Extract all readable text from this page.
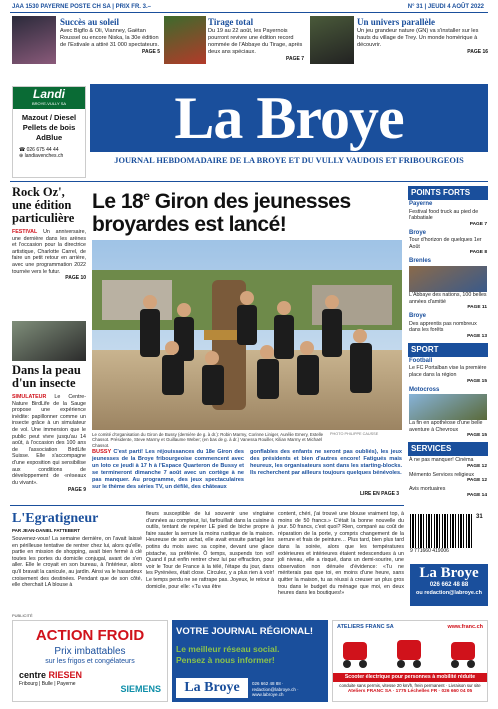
JAA 1530 PAYERNE POSTE CH SA | PRIX FR. 3.–	N° 31 | JEUDI 4 AOÛT 2022
Succès au soleil
Avec Bigflo & Oli, Vianney, Gaëtan Roussel ou encore Niska, la 30e édition de l'Estivale a attiré 31 000 spectateurs.
PAGE 5
Tirage total
Du 19 au 22 août, les Payernois pourront revivre une édition record nommée de l'Abbaye du Tirage, après deux ans spéciaux.
PAGE 7
Un univers parallèle
Un jeu grandeur nature (GN) va s'installer sur les hauts du village de Trey. Un monde homérique à découvrir.
PAGE 16
Landi
BROYE-VULLY SA
Mazout / Diesel
Pellets de bois
AdBlue
☎ 026 675 44 44
⊕ landiavenches.ch
La Broye
JOURNAL HEBDOMADAIRE DE LA BROYE ET DU VULLY VAUDOIS ET FRIBOURGEOIS
Rock Oz', une édition particulière
FESTIVAL Un anniversaire, une dernière dans les arènes et l'occasion pour la directrice artistique, Charlotte Carrel, de faire un petit retour en arrière, avec une programmation 2022 tournée vers le futur.
PAGE 10
Dans la peau d'un insecte
SIMULATEUR Le Centre-Nature BirdLife de la Sauge propose une expérience inédite: papillonner comme un insecte grâce à un simulateur de vol. Une immersion que le public peut vivre jusqu'au 14 août, à l'occasion des 100 ans de l'association BirdLife Suisse. Elle s'accompagne d'une exposition qui sensibilise aux conditions de développement de «réseaux du vivant».
PAGE 9
Le 18e Giron des jeunesses broyardes est lancé!
PHOTO PHILIPPE CAUSSE
Le comité d'organisation du Giron de Bussy (dernière de g. à dr.): Robin Marmy, Corinne Liniger, Aurélie Emery, Estelle Chassot. Présidente, Steve Marmy et Guillaume Weber; (en bas de g. à dr.) Vanessa Rouiller, Kilian Marmy et Michaël Chassot.
BUSSY C'est parti! Les réjouissances du 18e Giron des jeunesses de la Broye fribourgeoise commencent avec un loto ce jeudi à 17 h à l'Espace Quarteron de Bussy et se termineront dimanche 7 août avec un cortège à ne pas manquer. Au programme, des jeux spectaculaires sur le thème des séries TV, un défilé, des châteaux
gonflables des enfants ne seront pas oubliés), les jeux des présidents et bien d'autres encore! Fatigués mais heureux, les organisateurs sont dans les starting-blocks. Ils recherchent par ailleurs toujours quelques bénévoles.
LIRE EN PAGE 3
POINTS FORTS
Payerne
Festival food truck au pied de l'abbatiale
PAGE 7
Broye
Tour d'horizon de quelques 1er Août
PAGE 8
Brenles
L'Abbaye des nations, 100 belles années d'amitié
PAGE 11
Broye
Des apprentis pas nombreux dans les forêts
PAGE 13
SPORT
Football
Le FC Portalban vise la première place dans la région
PAGE 15
Motocross
La fin en apothéose d'une belle aventure à Chevroux
PAGE 15
SERVICES
À ne pas manquer! Cinéma
PAGE 12
Mémento Services religieux
PAGE 12
Avis mortuaires
PAGE 14
9 771660 419006
31
La Broye
026 662 48 88
ou redaction@labroye.ch
L'Egratigneur
PAR JEAN-DANIEL FATTEBERT
Souvenez-vous! La semaine dernière, on l'avait laissé en périlleuse tentative de rentrer chez lui, alors qu'elle, partie en mission de shopping, avait bien fermé à clé toutes les portes du domicile conjugal, avant de s'en aller. Elle le croyait en son bureau, à l'intérieur, alors qu'il bravait la canicule, au jardin. Ainsi va le hasardeux croisement des destinées. Pendant que de son côté, elle cherchait LA blouse à
fleurs susceptible de lui souvenir une vingtaine d'années au compteur, lui, farfouillait dans la cuisine à outils, tentant de repérer LE pied de biche propre à faire sauter la serrure la moins rustique de la maison. Heureuse de son achat, elle avait ensuite partagé les potins du mois avec sa copine, devant une glace pistache, sa préférée. Ô temps, suspends ton vol! Quand il put enfin rentrer chez lui par effraction, pour voir le Tour de France à la télé, l'étape du jour, dans les Pyrénées, était close. Circulez, y a plus rien à voir! Le temps perdu ne se rattrape pas. Joyeux, le retour à domicile, pour elle: «Tu vas être
content, chéri, j'ai trouvé une blouse vraiment top, à moins de 50 francs.» C'était la bonne nouvelle du jour. 50 francs, c'est quoi? Rien, comparé au coût de réparation de la porte, y compris changement de la serrure et frais de peinture… Plus tard, bien plus tard dans la soirée, alors que les températures extérieures et intérieures étaient redescendues à un joli niveau, elle a risqué, dans un demi-sourire, une observation non dénuée d'évidence: «Tu ne mériterais pas que toi, en moins d'une heure, sans quitter la maison, tu as réussi à creuser un plus gros trou dans le budget du ménage que moi, en deux heures dans les boutiques!»
PUBLICITÉ
ACTION FROID
Prix imbattables
sur les frigos et congélateurs
centre RIESEN
Fribourg | Bulle | Payerne	SIEMENS
VOTRE JOURNAL RÉGIONAL!
Le meilleur réseau social.
Pensez à nous informer!
La Broye	026 662 48 88 · redaction@labroye.ch · www.labroye.ch
ATELIERS FRANC SA	www.franc.ch
Scooter électrique pour personnes à mobilité réduite
conduite sans permis, vitesse 20 km/h, frein permanent · Livraison sur site
Ateliers FRANC SA · 1775 Léchelles FR · 026 660 04 05
